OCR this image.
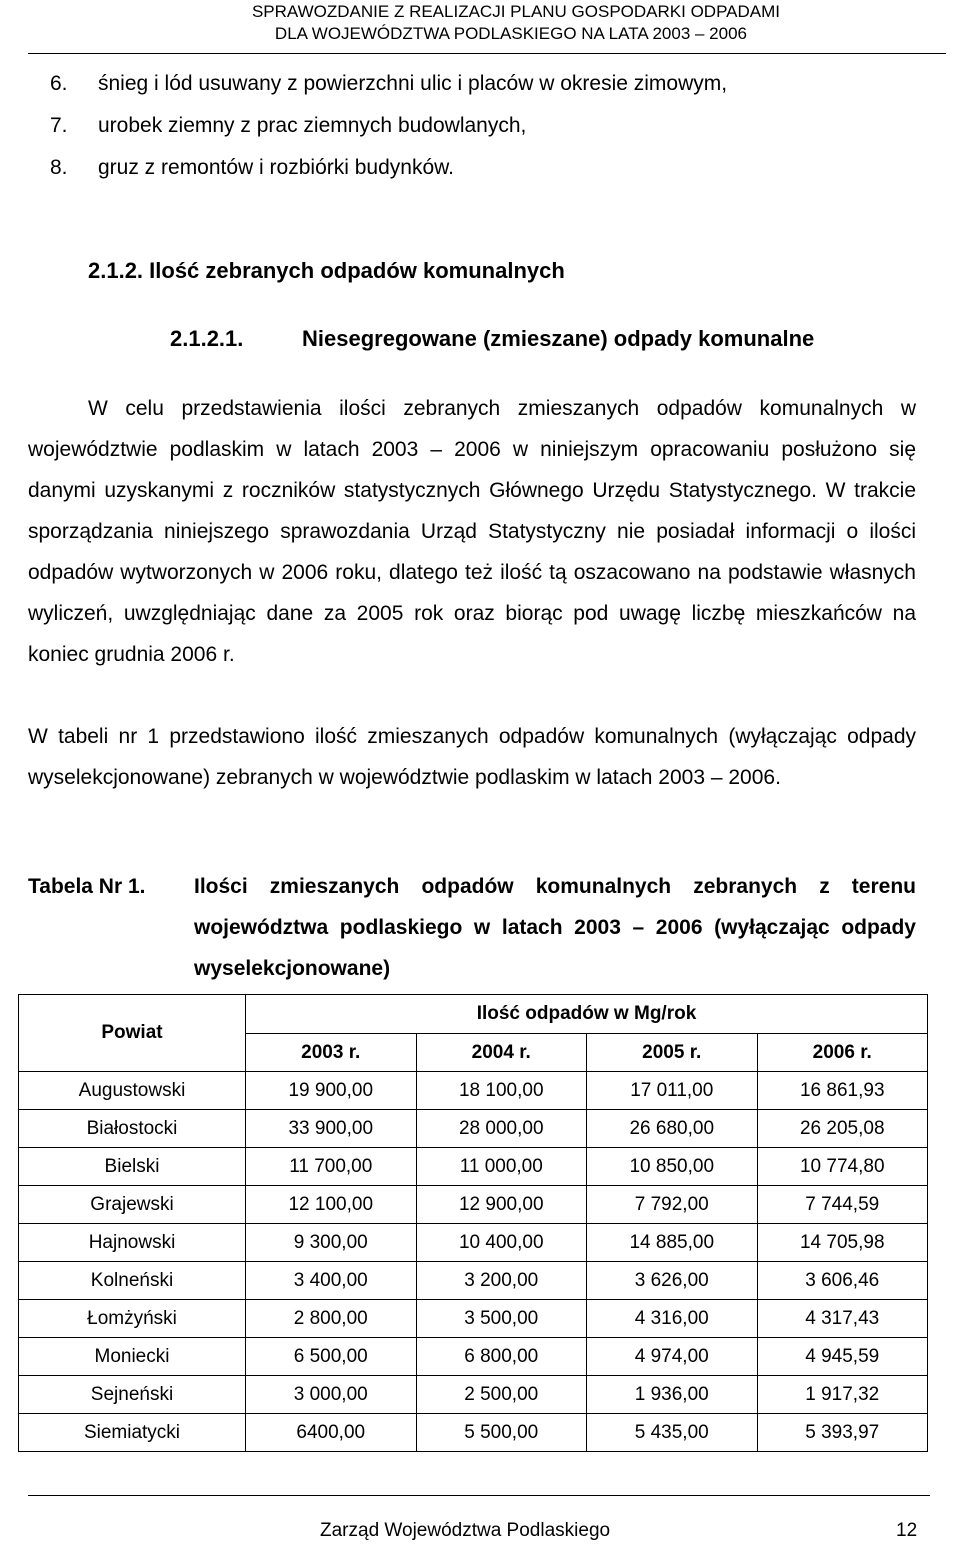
SPRAWOZDANIE Z REALIZACJI PLANU GOSPODARKI ODPADAMI
DLA WOJEWÓDZTWA PODLASKIEGO NA LATA 2003 – 2006
6. śnieg i lód usuwany z powierzchni ulic i placów w okresie zimowym,
7. urobek ziemny z prac ziemnych budowlanych,
8. gruz z remontów i rozbiórki budynków.
2.1.2. Ilość zebranych odpadów komunalnych
2.1.2.1.	Niesegregowane (zmieszane) odpady komunalne
W celu przedstawienia ilości zebranych zmieszanych odpadów komunalnych w województwie podlaskim w latach 2003 – 2006 w niniejszym opracowaniu posłużono się danymi uzyskanymi z roczników statystycznych Głównego Urzędu Statystycznego. W trakcie sporządzania niniejszego sprawozdania Urząd Statystyczny nie posiadał informacji o ilości odpadów wytworzonych w 2006 roku, dlatego też ilość tą oszacowano na podstawie własnych wyliczeń, uwzględniając dane za 2005 rok oraz biorąc pod uwagę liczbę mieszkańców na koniec grudnia 2006 r.
W tabeli nr 1 przedstawiono ilość zmieszanych odpadów komunalnych (wyłączając odpady wyselekcjonowane) zebranych w województwie podlaskim w latach 2003 – 2006.
Tabela Nr 1. Ilości zmieszanych odpadów komunalnych zebranych z terenu województwa podlaskiego w latach 2003 – 2006 (wyłączając odpady wyselekcjonowane)
Powiat	Ilość odpadów w Mg/rok			
	2003 r.	2004 r.	2005 r.	2006 r.
Augustowski	19 900,00	18 100,00	17 011,00	16 861,93
Białostocki	33 900,00	28 000,00	26 680,00	26 205,08
Bielski	11 700,00	11 000,00	10 850,00	10 774,80
Grajewski	12 100,00	12 900,00	7 792,00	7 744,59
Hajnowski	9 300,00	10 400,00	14 885,00	14 705,98
Kolneński	3 400,00	3 200,00	3 626,00	3 606,46
Łomżyński	2 800,00	3 500,00	4 316,00	4 317,43
Moniecki	6 500,00	6 800,00	4 974,00	4 945,59
Sejneński	3 000,00	2 500,00	1 936,00	1 917,32
Siemiatycki	6400,00	5 500,00	5 435,00	5 393,97
Zarząd Województwa Podlaskiego	12
